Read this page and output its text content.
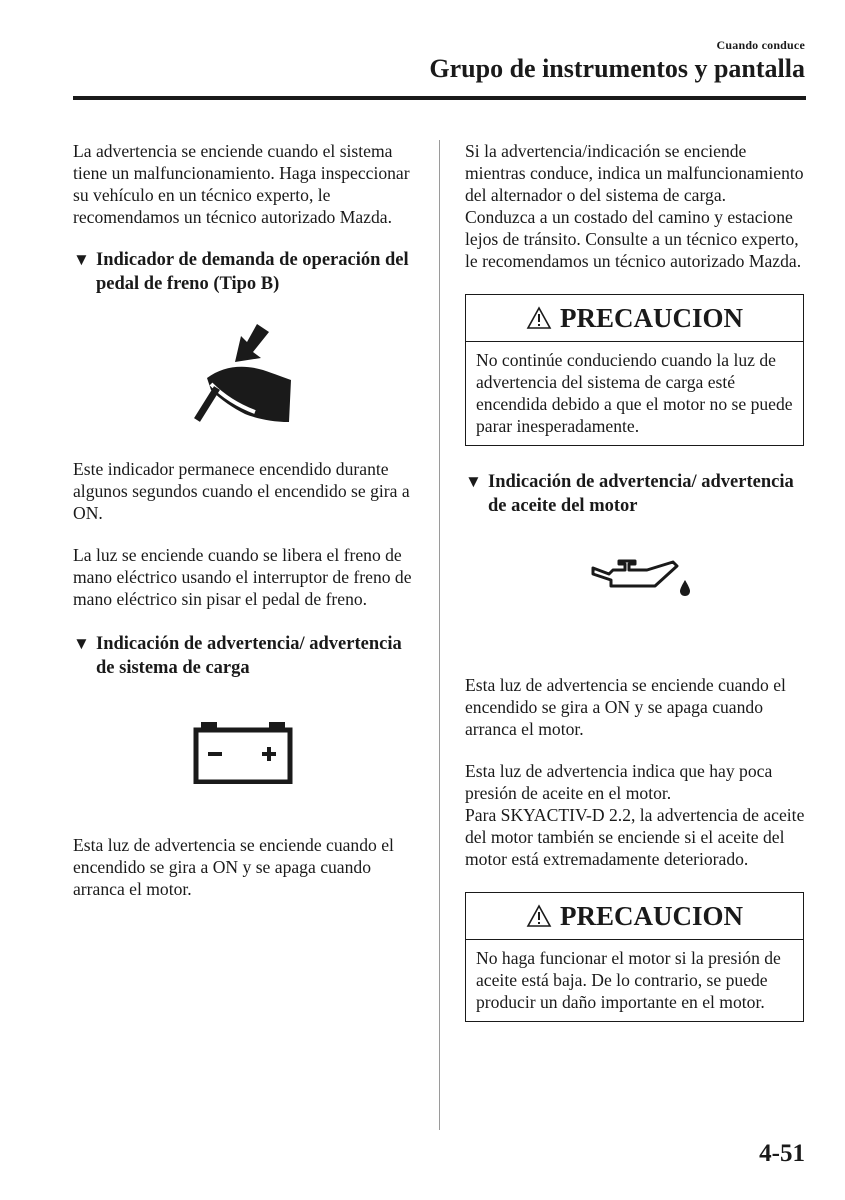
Cuando conduce
Grupo de instrumentos y pantalla

La advertencia se enciende cuando el sistema tiene un malfuncionamiento. Haga inspeccionar su vehículo en un técnico experto, le recomendamos un técnico autorizado Mazda.

▼ Indicador de demanda de operación del pedal de freno (Tipo B)

Este indicador permanece encendido durante algunos segundos cuando el encendido se gira a ON.

La luz se enciende cuando se libera el freno de mano eléctrico usando el interruptor de freno de mano eléctrico sin pisar el pedal de freno.

▼ Indicación de advertencia/ advertencia de sistema de carga

Esta luz de advertencia se enciende cuando el encendido se gira a ON y se apaga cuando arranca el motor.

Si la advertencia/indicación se enciende mientras conduce, indica un malfuncionamiento del alternador o del sistema de carga.

Conduzca a un costado del camino y estacione lejos de tránsito. Consulte a un técnico experto, le recomendamos un técnico autorizado Mazda.

PRECAUCION
No continúe conduciendo cuando la luz de advertencia del sistema de carga esté encendida debido a que el motor no se puede parar inesperadamente.
▼ Indicación de advertencia/ advertencia de aceite del motor

Esta luz de advertencia se enciende cuando el encendido se gira a ON y se apaga cuando arranca el motor.

Esta luz de advertencia indica que hay poca presión de aceite en el motor.

Para SKYACTIV-D 2.2, la advertencia de aceite del motor también se enciende si el aceite del motor está extremadamente deteriorado.

PRECAUCION
No haga funcionar el motor si la presión de aceite está baja. De lo contrario, se puede producir un daño importante en el motor.
4-51
